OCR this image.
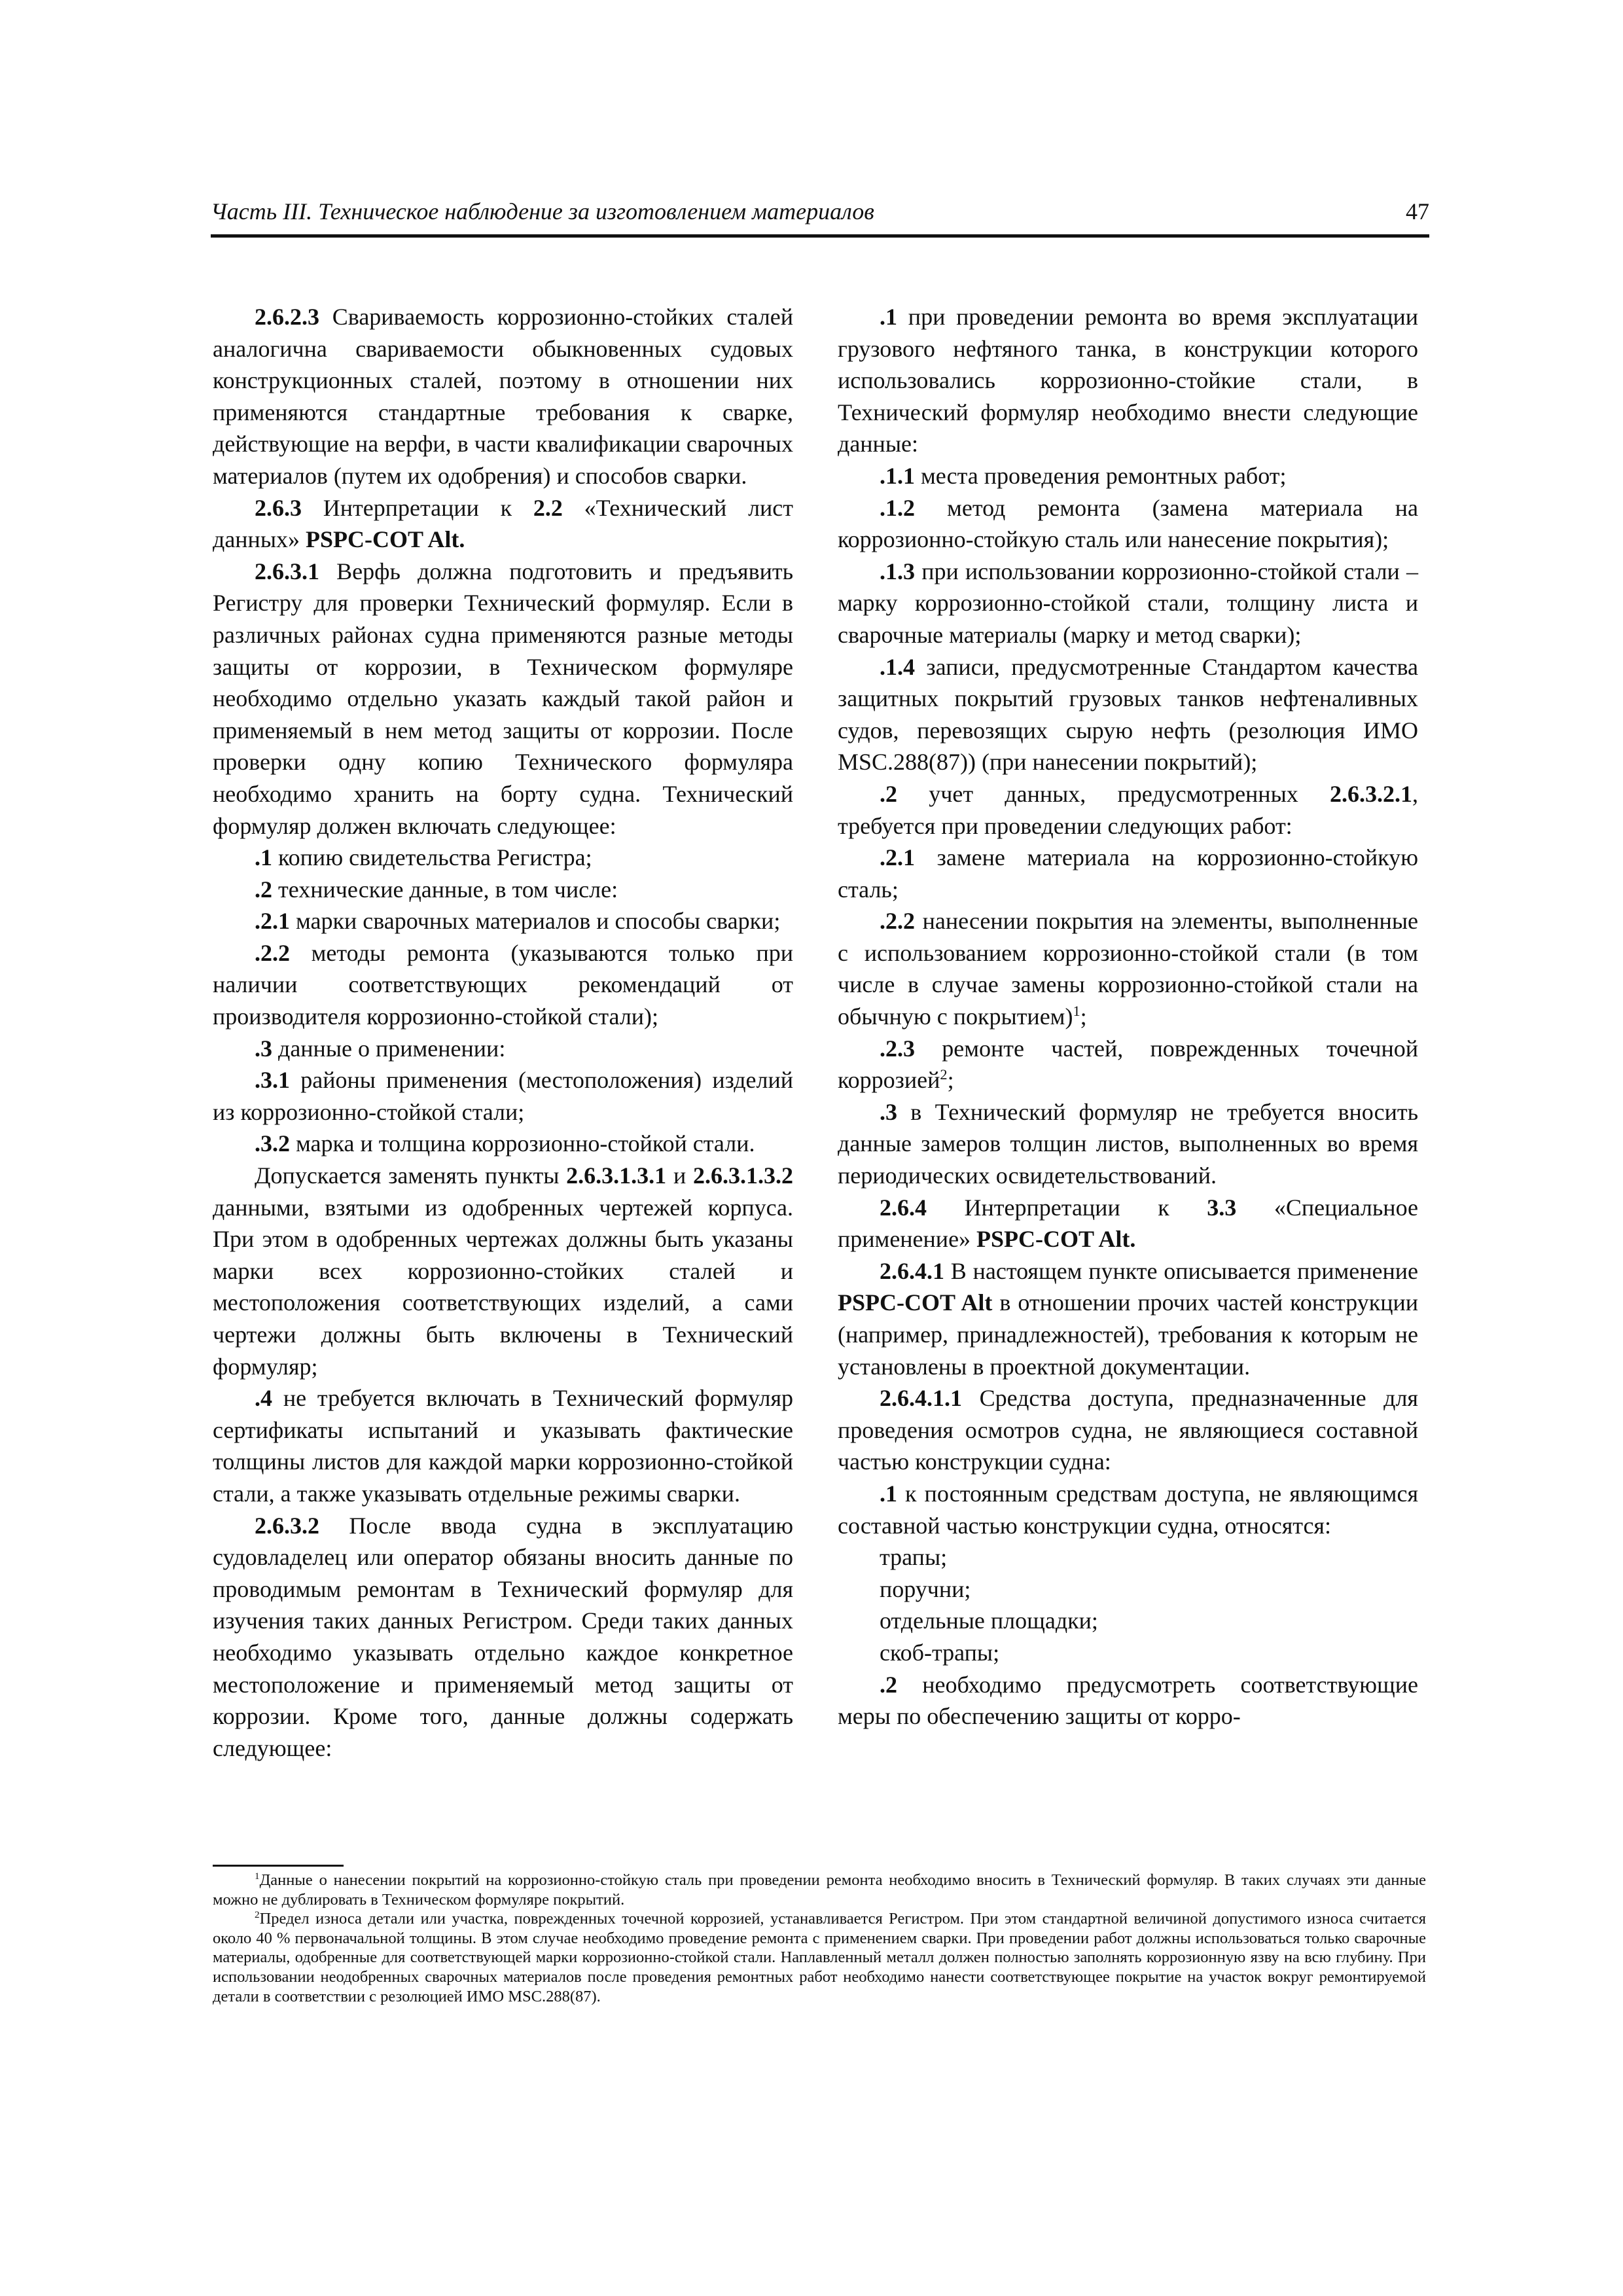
Часть III. Техническое наблюдение за изготовлением материалов	47

2.6.2.3 Свариваемость коррозионно-стойких сталей аналогична свариваемости обыкновенных судовых конструкционных сталей, поэтому в отношении них применяются стандартные требования к сварке, действующие на верфи, в части квалификации сварочных материалов (путем их одобрения) и способов сварки.

2.6.3 Интерпретации к 2.2 «Технический лист данных» PSPC-COT Alt.

2.6.3.1 Верфь должна подготовить и предъявить Регистру для проверки Технический формуляр. Если в различных районах судна применяются разные методы защиты от коррозии, в Техническом формуляре необходимо отдельно указать каждый такой район и применяемый в нем метод защиты от коррозии. После проверки одну копию Технического формуляра необходимо хранить на борту судна. Технический формуляр должен включать следующее:

.1 копию свидетельства Регистра;

.2 технические данные, в том числе:

.2.1 марки сварочных материалов и способы сварки;

.2.2 методы ремонта (указываются только при наличии соответствующих рекомендаций от производителя коррозионно-стойкой стали);

.3 данные о применении:

.3.1 районы применения (местоположения) изделий из коррозионно-стойкой стали;

.3.2 марка и толщина коррозионно-стойкой стали.

Допускается заменять пункты 2.6.3.1.3.1 и 2.6.3.1.3.2 данными, взятыми из одобренных чертежей корпуса. При этом в одобренных чертежах должны быть указаны марки всех коррозионно-стойких сталей и местоположения соответствующих изделий, а сами чертежи должны быть включены в Технический формуляр;

.4 не требуется включать в Технический формуляр сертификаты испытаний и указывать фактические толщины листов для каждой марки коррозионно-стойкой стали, а также указывать отдельные режимы сварки.

2.6.3.2 После ввода судна в эксплуатацию судовладелец или оператор обязаны вносить данные по проводимым ремонтам в Технический формуляр для изучения таких данных Регистром. Среди таких данных необходимо указывать отдельно каждое конкретное местоположение и применяемый метод защиты от коррозии. Кроме того, данные должны содержать следующее:

.1 при проведении ремонта во время эксплуатации грузового нефтяного танка, в конструкции которого использовались коррозионно-стойкие стали, в Технический формуляр необходимо внести следующие данные:

.1.1 места проведения ремонтных работ;

.1.2 метод ремонта (замена материала на коррозионно-стойкую сталь или нанесение покрытия);

.1.3 при использовании коррозионно-стойкой стали – марку коррозионно-стойкой стали, толщину листа и сварочные материалы (марку и метод сварки);

.1.4 записи, предусмотренные Стандартом качества защитных покрытий грузовых танков нефтеналивных судов, перевозящих сырую нефть (резолюция ИМО MSC.288(87)) (при нанесении покрытий);

.2 учет данных, предусмотренных 2.6.3.2.1, требуется при проведении следующих работ:

.2.1 замене материала на коррозионно-стойкую сталь;

.2.2 нанесении покрытия на элементы, выполненные с использованием коррозионно-стойкой стали (в том числе в случае замены коррозионно-стойкой стали на обычную с покрытием)$^1$;

.2.3 ремонте частей, поврежденных точечной коррозией$^2$;

.3 в Технический формуляр не требуется вносить данные замеров толщин листов, выполненных во время периодических освидетельствований.

2.6.4 Интерпретации к 3.3 «Специальное применение» PSPC-COT Alt.

2.6.4.1 В настоящем пункте описывается применение PSPC-COT Alt в отношении прочих частей конструкции (например, принадлежностей), требования к которым не установлены в проектной документации.

2.6.4.1.1 Средства доступа, предназначенные для проведения осмотров судна, не являющиеся составной частью конструкции судна:

.1 к постоянным средствам доступа, не являющимся составной частью конструкции судна, относятся:

трапы;

поручни;

отдельные площадки;

скоб-трапы;

.2 необходимо предусмотреть соответствующие меры по обеспечению защиты от корро-

$^1$Данные о нанесении покрытий на коррозионно-стойкую сталь при проведении ремонта необходимо вносить в Технический формуляр. В таких случаях эти данные можно не дублировать в Техническом формуляре покрытий.

$^2$Предел износа детали или участка, поврежденных точечной коррозией, устанавливается Регистром. При этом стандартной величиной допустимого износа считается около 40 % первоначальной толщины. В этом случае необходимо проведение ремонта с применением сварки. При проведении работ должны использоваться только сварочные материалы, одобренные для соответствующей марки коррозионно-стойкой стали. Наплавленный металл должен полностью заполнять коррозионную язву на всю глубину. При использовании неодобренных сварочных материалов после проведения ремонтных работ необходимо нанести соответствующее покрытие на участок вокруг ремонтируемой детали в соответствии с резолюцией ИМО MSC.288(87).
